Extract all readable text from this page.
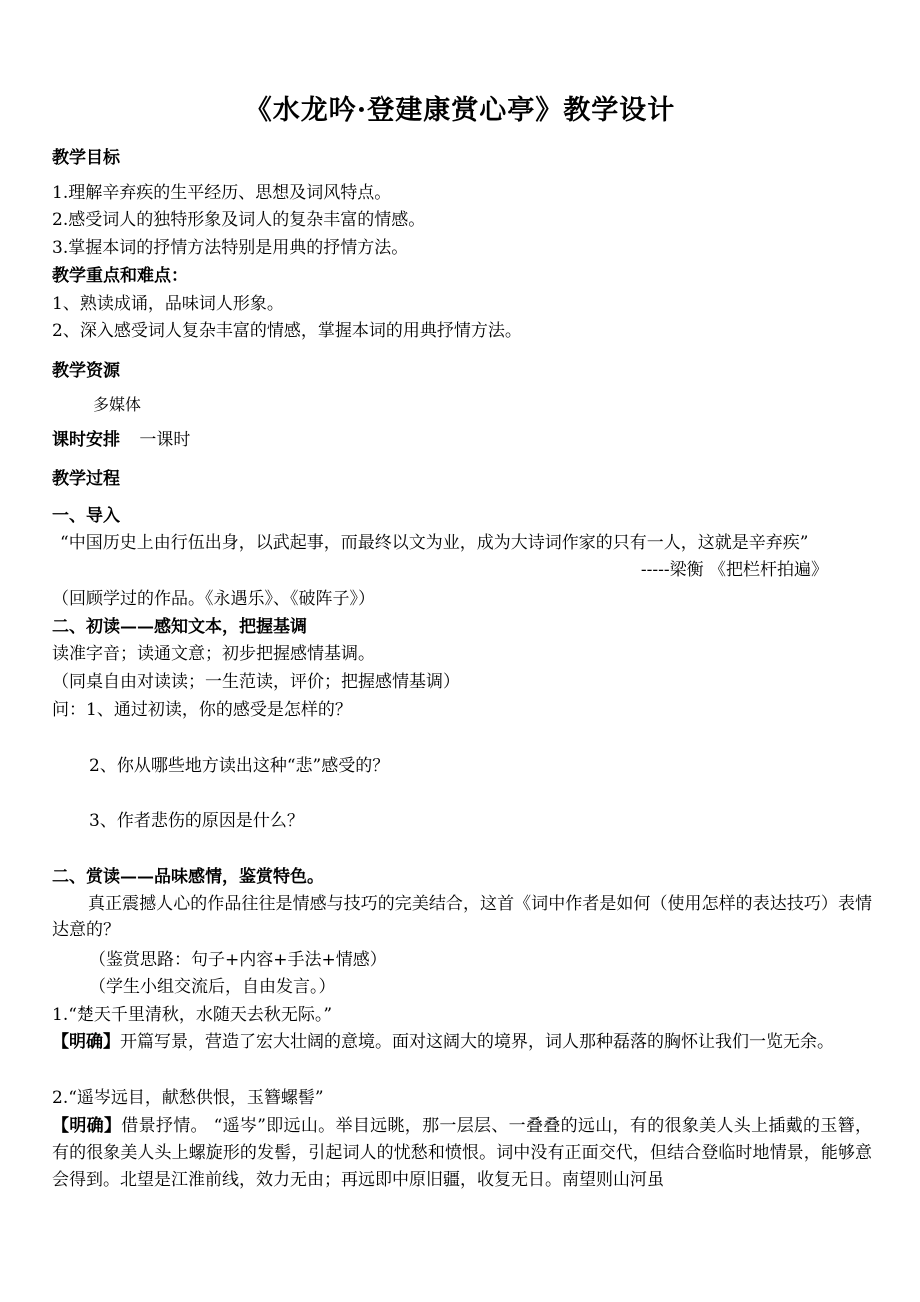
《水龙吟·登建康赏心亭》教学设计
教学目标
1.理解辛弃疾的生平经历、思想及词风特点。
2.感受词人的独特形象及词人的复杂丰富的情感。
3.掌握本词的抒情方法特别是用典的抒情方法。
教学重点和难点：
1、熟读成诵，品味词人形象。
2、深入感受词人复杂丰富的情感，掌握本词的用典抒情方法。
教学资源
多媒体
课时安排 一课时
教学过程
一、导入
“中国历史上由行伍出身，以武起事，而最终以文为业，成为大诗词作家的只有一人，这就是辛弃疾”
-----梁衡 《把栏杆拍遍》
（回顾学过的作品。《永遇乐》、《破阵子》）
二、初读——感知文本，把握基调
读准字音；读通文意；初步把握感情基调。
（同桌自由对读读；一生范读，评价；把握感情基调）
问：1、通过初读，你的感受是怎样的？
2、你从哪些地方读出这种“悲”感受的？
3、作者悲伤的原因是什么？
二、赏读——品味感情，鉴赏特色。
真正震撼人心的作品往往是情感与技巧的完美结合，这首《词中作者是如何（使用怎样的表达技巧）表情达意的？
（鉴赏思路：句子+内容+手法+情感）
（学生小组交流后，自由发言。）
1.“楚天千里清秋，水随天去秋无际。”
【明确】开篇写景，营造了宏大壮阔的意境。面对这阔大的境界，词人那种磊落的胸怀让我们一览无余。
2.“遥岑远目，献愁供恨，玉簪螺髻”
【明确】借景抒情。 “遥岑”即远山。举目远眺，那一层层、一叠叠的远山，有的很象美人头上插戴的玉簪，有的很象美人头上螺旋形的发髻，引起词人的忧愁和愤恨。词中没有正面交代，但结合登临时地情景，能够意会得到。北望是江淮前线，效力无由；再远即中原旧疆，收复无日。南望则山河虽
